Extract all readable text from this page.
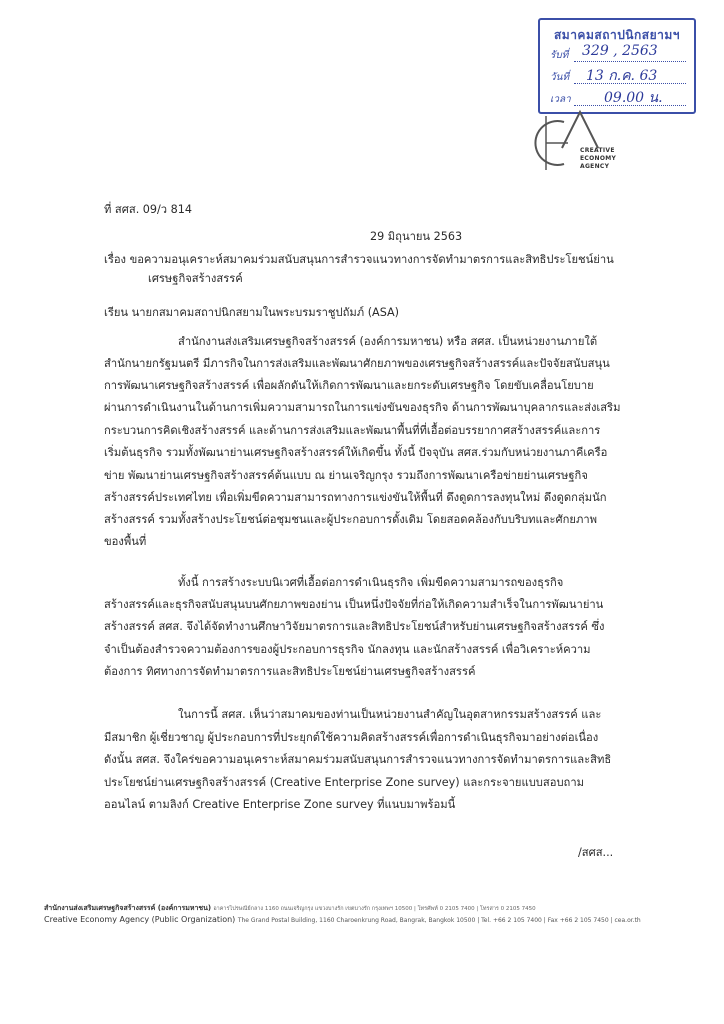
สมาคมสถาปนิกสยามฯ
รับที่
วันที่
เวลา
329 , 2563
13 ก.ค. 63
09.00 น.
CREATIVE
ECONOMY
AGENCY
ที่ สศส. 09/ว 814
29 มิถุนายน 2563
เรื่อง ขอความอนุเคราะห์สมาคมร่วมสนับสนุนการสำรวจแนวทางการจัดทำมาตรการและสิทธิประโยชน์ย่าน
เศรษฐกิจสร้างสรรค์
เรียน นายกสมาคมสถาปนิกสยามในพระบรมราชูปถัมภ์ (ASA)
สำนักงานส่งเสริมเศรษฐกิจสร้างสรรค์ (องค์การมหาชน) หรือ สศส. เป็นหน่วยงานภายใต้
สำนักนายกรัฐมนตรี มีภารกิจในการส่งเสริมและพัฒนาศักยภาพของเศรษฐกิจสร้างสรรค์และปัจจัยสนับสนุน
การพัฒนาเศรษฐกิจสร้างสรรค์ เพื่อผลักดันให้เกิดการพัฒนาและยกระดับเศรษฐกิจ โดยขับเคลื่อนโยบาย
ผ่านการดำเนินงานในด้านการเพิ่มความสามารถในการแข่งขันของธุรกิจ ด้านการพัฒนาบุคลากรและส่งเสริม
กระบวนการคิดเชิงสร้างสรรค์ และด้านการส่งเสริมและพัฒนาพื้นที่ที่เอื้อต่อบรรยากาศสร้างสรรค์และการ
เริ่มต้นธุรกิจ รวมทั้งพัฒนาย่านเศรษฐกิจสร้างสรรค์ให้เกิดขึ้น ทั้งนี้ ปัจจุบัน สศส.ร่วมกับหน่วยงานภาคีเครือ
ข่าย พัฒนาย่านเศรษฐกิจสร้างสรรค์ต้นแบบ ณ ย่านเจริญกรุง รวมถึงการพัฒนาเครือข่ายย่านเศรษฐกิจ
สร้างสรรค์ประเทศไทย เพื่อเพิ่มขีดความสามารถทางการแข่งขันให้พื้นที่ ดึงดูดการลงทุนใหม่ ดึงดูดกลุ่มนัก
สร้างสรรค์ รวมทั้งสร้างประโยชน์ต่อชุมชนและผู้ประกอบการดั้งเดิม โดยสอดคล้องกับบริบทและศักยภาพ
ของพื้นที่
ทั้งนี้ การสร้างระบบนิเวศที่เอื้อต่อการดำเนินธุรกิจ เพิ่มขีดความสามารถของธุรกิจ
สร้างสรรค์และธุรกิจสนับสนุนบนศักยภาพของย่าน เป็นหนึ่งปัจจัยที่ก่อให้เกิดความสำเร็จในการพัฒนาย่าน
สร้างสรรค์ สศส. จึงได้จัดทำงานศึกษาวิจัยมาตรการและสิทธิประโยชน์สำหรับย่านเศรษฐกิจสร้างสรรค์ ซึ่ง
จำเป็นต้องสำรวจความต้องการของผู้ประกอบการธุรกิจ นักลงทุน และนักสร้างสรรค์ เพื่อวิเคราะห์ความ
ต้องการ ทิศทางการจัดทำมาตรการและสิทธิประโยชน์ย่านเศรษฐกิจสร้างสรรค์
ในการนี้ สศส. เห็นว่าสมาคมของท่านเป็นหน่วยงานสำคัญในอุตสาหกรรมสร้างสรรค์ และ
มีสมาชิก ผู้เชี่ยวชาญ ผู้ประกอบการที่ประยุกต์ใช้ความคิดสร้างสรรค์เพื่อการดำเนินธุรกิจมาอย่างต่อเนื่อง
ดังนั้น สศส. จึงใคร่ขอความอนุเคราะห์สมาคมร่วมสนับสนุนการสำรวจแนวทางการจัดทำมาตรการและสิทธิ
ประโยชน์ย่านเศรษฐกิจสร้างสรรค์ (Creative Enterprise Zone survey) และกระจายแบบสอบถาม
ออนไลน์ ตามลิงก์ Creative Enterprise Zone survey ที่แนบมาพร้อมนี้
/สศส...
สำนักงานส่งเสริมเศรษฐกิจสร้างสรรค์ (องค์การมหาชน) อาคารไปรษณีย์กลาง 1160 ถนนเจริญกรุง แขวงบางรัก เขตบางรัก กรุงเทพฯ 10500 | โทรศัพท์ 0 2105 7400 | โทรสาร 0 2105 7450
Creative Economy Agency (Public Organization) The Grand Postal Building, 1160 Charoenkrung Road, Bangrak, Bangkok 10500 | Tel. +66 2 105 7400 | Fax +66 2 105 7450 | cea.or.th
